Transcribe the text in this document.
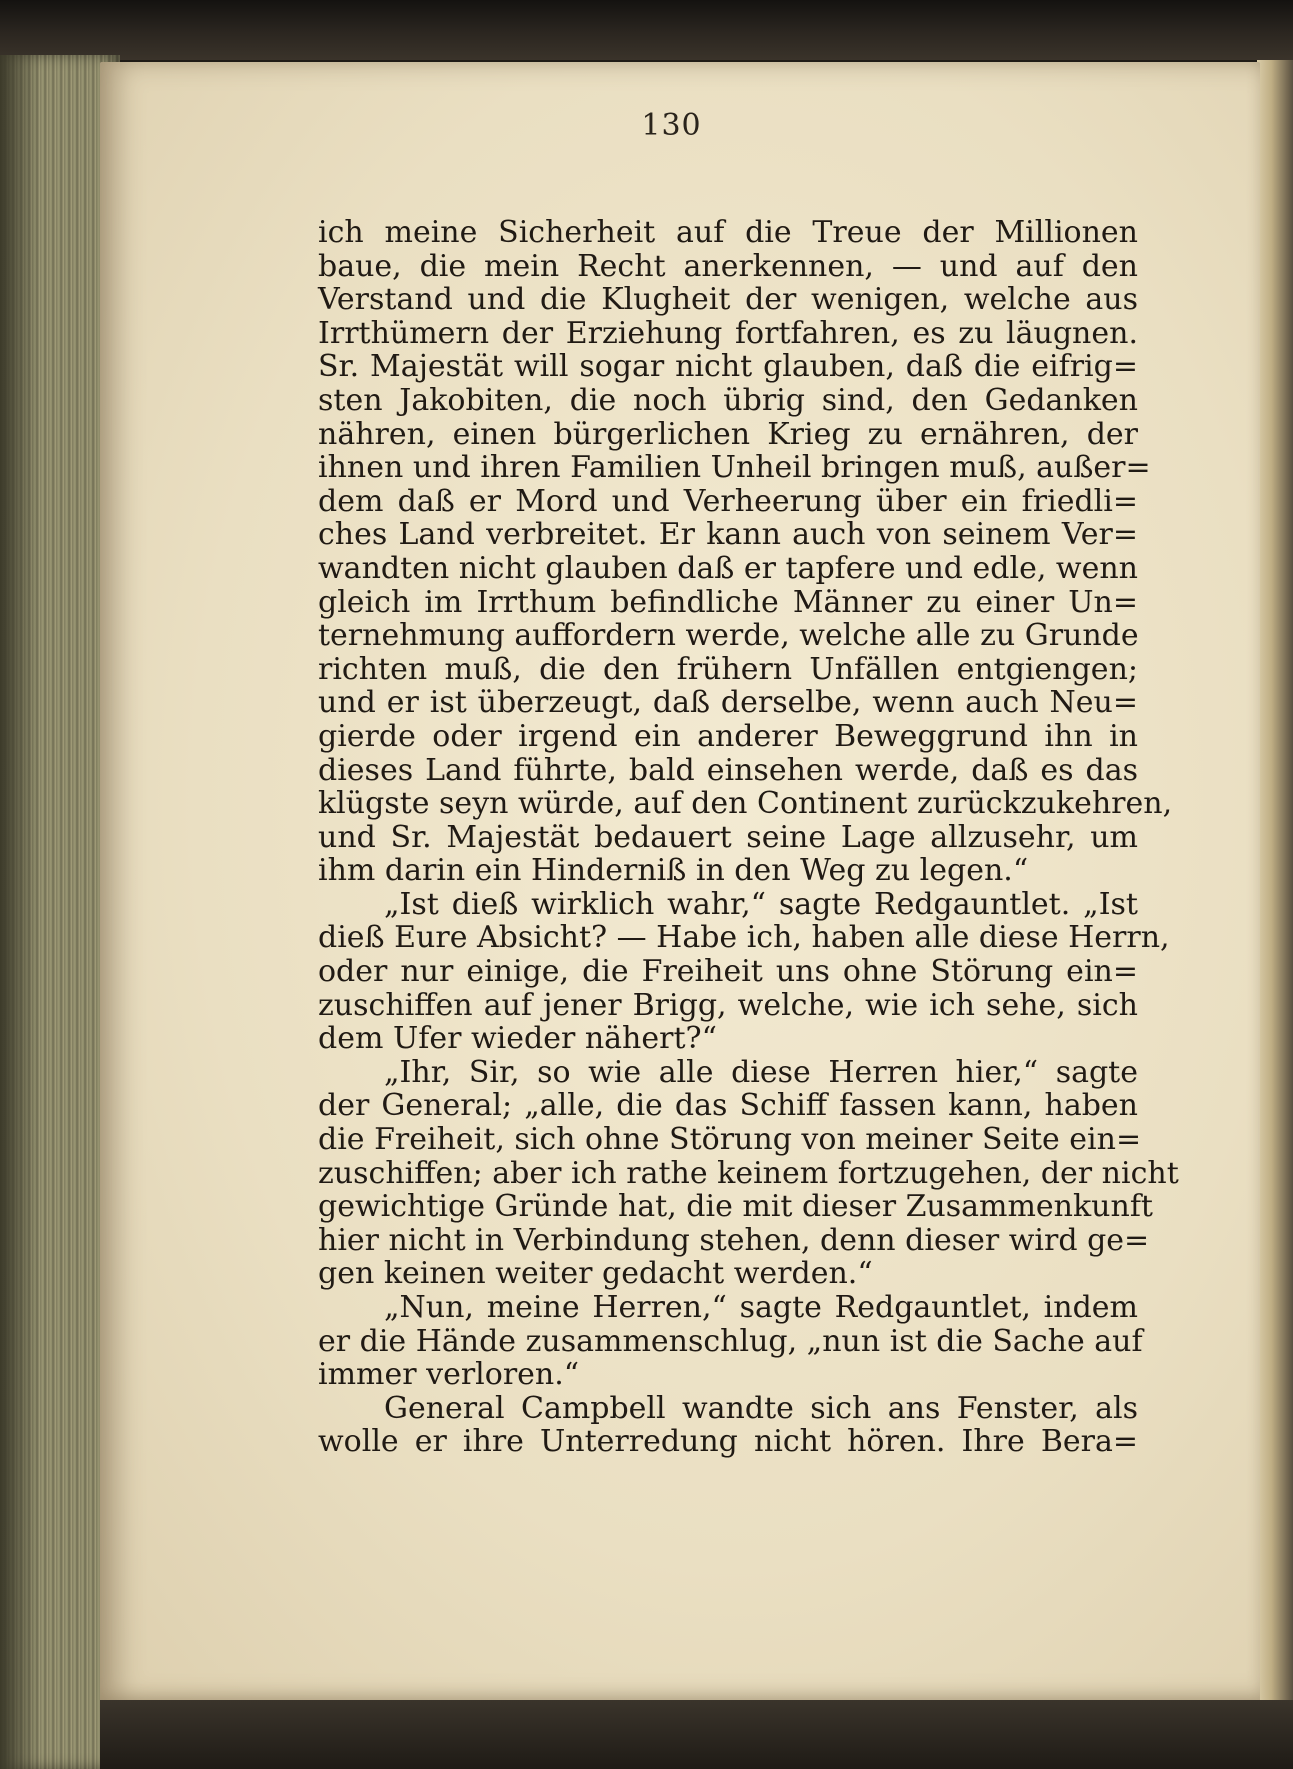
130
ich meine Sicherheit auf die Treue der Millionen
baue, die mein Recht anerkennen, — und auf den
Verstand und die Klugheit der wenigen, welche aus
Irrthümern der Erziehung fortfahren, es zu läugnen.
Sr. Majestät will sogar nicht glauben, daß die eifrig=
sten Jakobiten, die noch übrig sind, den Gedanken
nähren, einen bürgerlichen Krieg zu ernähren, der
ihnen und ihren Familien Unheil bringen muß, außer=
dem daß er Mord und Verheerung über ein friedli=
ches Land verbreitet. Er kann auch von seinem Ver=
wandten nicht glauben daß er tapfere und edle, wenn
gleich im Irrthum befindliche Männer zu einer Un=
ternehmung auffordern werde, welche alle zu Grunde
richten muß, die den frühern Unfällen entgiengen;
und er ist überzeugt, daß derselbe, wenn auch Neu=
gierde oder irgend ein anderer Beweggrund ihn in
dieses Land führte, bald einsehen werde, daß es das
klügste seyn würde, auf den Continent zurückzukehren,
und Sr. Majestät bedauert seine Lage allzusehr, um
ihm darin ein Hinderniß in den Weg zu legen.“
„Ist dieß wirklich wahr,“ sagte Redgauntlet. „Ist
dieß Eure Absicht? — Habe ich, haben alle diese Herrn,
oder nur einige, die Freiheit uns ohne Störung ein=
zuschiffen auf jener Brigg, welche, wie ich sehe, sich
dem Ufer wieder nähert?“
„Ihr, Sir, so wie alle diese Herren hier,“ sagte
der General; „alle, die das Schiff fassen kann, haben
die Freiheit, sich ohne Störung von meiner Seite ein=
zuschiffen; aber ich rathe keinem fortzugehen, der nicht
gewichtige Gründe hat, die mit dieser Zusammenkunft
hier nicht in Verbindung stehen, denn dieser wird ge=
gen keinen weiter gedacht werden.“
„Nun, meine Herren,“ sagte Redgauntlet, indem
er die Hände zusammenschlug, „nun ist die Sache auf
immer verloren.“
General Campbell wandte sich ans Fenster, als
wolle er ihre Unterredung nicht hören. Ihre Bera=
